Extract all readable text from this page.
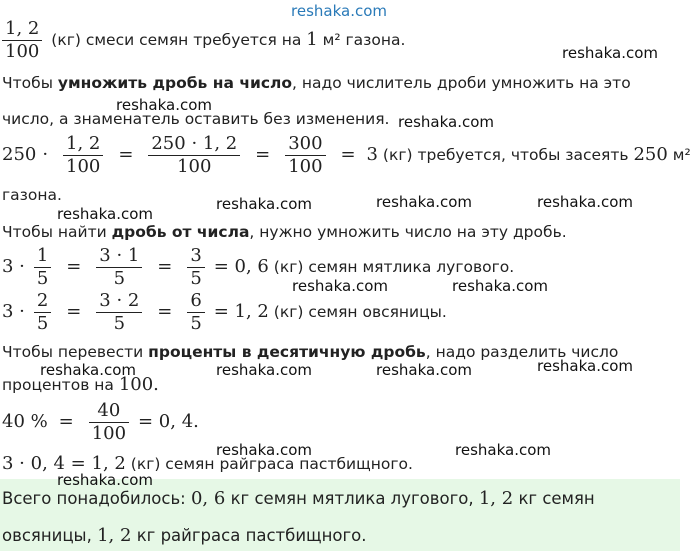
reshaka.com
reshaka.com
reshaka.com
reshaka.com
reshaka.com	reshaka.com	reshaka.com
reshaka.com
reshaka.com	reshaka.com
reshaka.com	reshaka.com	reshaka.com
reshaka.com
reshaka.com	reshaka.com
reshaka.com
$\frac{1, 2}{100} (кг)$ смеси семян требуется на 1 м² газона.
Чтобы умножить дробь на число, надо числитель дроби умножить на это
число, а знаменатель оставить без изменения.
$250 \cdot \frac{1, 2}{100} = \frac{250 \cdot 1, 2}{100} = \frac{300}{100} = 3$ (кг) требуется, чтобы засеять 250 м²
газона.
Чтобы найти дробь от числа, нужно умножить число на эту дробь.
$3 \cdot \frac{1}{5} = \frac{3 \cdot 1}{5} = \frac{3}{5} = 0$, 6 (кг) семян мятлика лугового.
$3 \cdot \frac{2}{5} = \frac{3 \cdot 2}{5} = \frac{6}{5} = 1$, 2 (кг) семян овсяницы.
Чтобы перевести проценты в десятичную дробь, надо разделить число
процентов на 100.
40 % = $\frac{40}{100} = 0$, 4.
3 · 0, 4 = 1, 2 (кг) семян райграса пастбищного.
Всего понадобилось: 0, 6 кг семян мятлика лугового, 1, 2 кг семян
овсяницы, 1, 2 кг райграса пастбищного.
